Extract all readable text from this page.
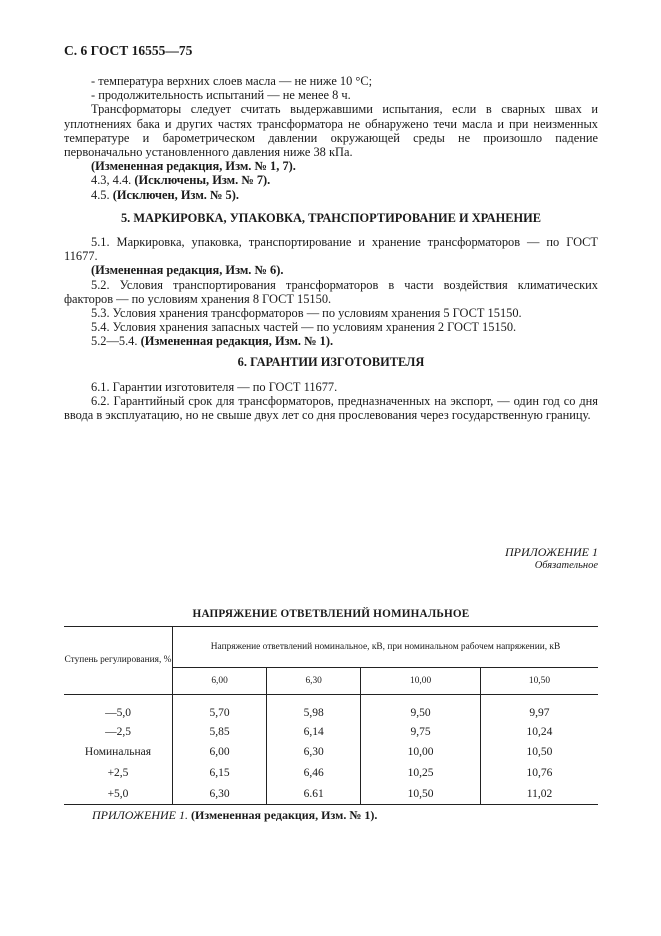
С. 6 ГОСТ 16555—75

- температура верхних слоев масла — не ниже 10 °С;

- продолжительность испытаний — не менее 8 ч.

Трансформаторы следует считать выдержавшими испытания, если в сварных швах и уплотнениях бака и других частях трансформатора не обнаружено течи масла и при неизменных температуре и барометрическом давлении окружающей среды не произошло падение первоначально установленного давления ниже 38 кПа.

(Измененная редакция, Изм. № 1, 7).

4.3, 4.4. (Исключены, Изм. № 7).

4.5. (Исключен, Изм. № 5).

5. МАРКИРОВКА, УПАКОВКА, ТРАНСПОРТИРОВАНИЕ И ХРАНЕНИЕ

5.1. Маркировка, упаковка, транспортирование и хранение трансформаторов — по ГОСТ 11677.

(Измененная редакция, Изм. № 6).

5.2. Условия транспортирования трансформаторов в части воздействия климатических факторов — по условиям хранения 8 ГОСТ 15150.

5.3. Условия хранения трансформаторов — по условиям хранения 5 ГОСТ 15150.

5.4. Условия хранения запасных частей — по условиям хранения 2 ГОСТ 15150.

5.2—5.4. (Измененная редакция, Изм. № 1).

6. ГАРАНТИИ ИЗГОТОВИТЕЛЯ

6.1. Гарантии изготовителя — по ГОСТ 11677.

6.2. Гарантийный срок для трансформаторов, предназначенных на экспорт, — один год со дня ввода в эксплуатацию, но не свыше двух лет со дня прослевования через государственную границу.

ПРИЛОЖЕНИЕ 1
Обязательное
НАПРЯЖЕНИЕ ОТВЕТВЛЕНИЙ НОМИНАЛЬНОЕ
Ступень регулирования, %	Напряжение ответвлений номинальное, кВ, при номинальном рабочем напряжении, кВ			
	6,00	6,30	10,00	10,50
—5,0	5,70	5,98	9,50	9,97
—2,5	5,85	6,14	9,75	10,24
Номинальная	6,00	6,30	10,00	10,50
+2,5	6,15	6,46	10,25	10,76
+5,0	6,30	6.61	10,50	11,02
ПРИЛОЖЕНИЕ 1. (Измененная редакция, Изм. № 1).
